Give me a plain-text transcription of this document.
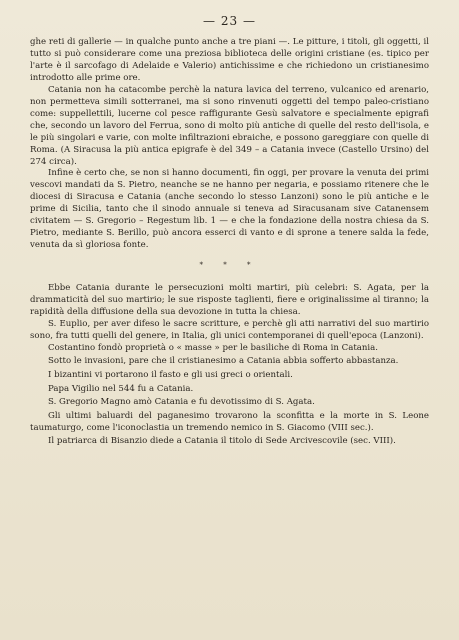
— 23 —

ghe reti di gallerie — in qualche punto anche a tre piani —. Le pitture, i titoli, gli oggetti, il tutto si può considerare come una preziosa biblioteca delle origini cristiane (es. tipico per l'arte è il sarcofago di Adelaide e Valerio) antichissime e che richiedono un cristianesimo introdotto alle prime ore.

Catania non ha catacombe perchè la natura lavica del terreno, vulcanico ed arenario, non permetteva simili sotterranei, ma si sono rinvenuti oggetti del tempo paleo-cristiano come: suppellettili, lucerne col pesce raffigurante Gesù salvatore e specialmente epigrafi che, secondo un lavoro del Ferrua, sono di molto più antiche di quelle del resto dell'isola, e le più singolari e varie, con molte infiltrazioni ebraiche, e possono gareggiare con quelle di Roma. (A Siracusa la più antica epigrafe è del 349 – a Catania invece (Castello Ursino) del 274 circa).

Infine è certo che, se non si hanno documenti, fin oggi, per provare la venuta dei primi vescovi mandati da S. Pietro, neanche se ne hanno per negaria, e possiamo ritenere che le diocesi di Siracusa e Catania (anche secondo lo stesso Lanzoni) sono le più antiche e le prime di Sicilia, tanto che il sinodo annuale si teneva ad Siracusanam sive Catanensem civitatem — S. Gregorio – Regestum lib. 1 — e che la fondazione della nostra chiesa da S. Pietro, mediante S. Berillo, può ancora esserci di vanto e di sprone a tenere salda la fede, venuta da sì gloriosa fonte.

* * *

Ebbe Catania durante le persecuzioni molti martiri, più celebri: S. Agata, per la drammaticità del suo martirio; le sue risposte taglienti, fiere e originalissime al tiranno; la rapidità della diffusione della sua devozione in tutta la chiesa.

S. Euplio, per aver difeso le sacre scritture, e perchè gli atti narrativi del suo martirio sono, fra tutti quelli del genere, in Italia, gli unici contemporanei di quell'epoca (Lanzoni).

Costantino fondò proprietà o « masse » per le basiliche di Roma in Catania.

Sotto le invasioni, pare che il cristianesimo a Catania abbia sofferto abbastanza.

I bizantini vi portarono il fasto e gli usi greci o orientali.

Papa Vigilio nel 544 fu a Catania.

S. Gregorio Magno amò Catania e fu devotissimo di S. Agata.

Gli ultimi baluardi del paganesimo trovarono la sconfitta e la morte in S. Leone taumaturgo, come l'iconoclastia un tremendo nemico in S. Giacomo (VIII sec.).

Il patriarca di Bisanzio diede a Catania il titolo di Sede Arcivescovile (sec. VIII).
